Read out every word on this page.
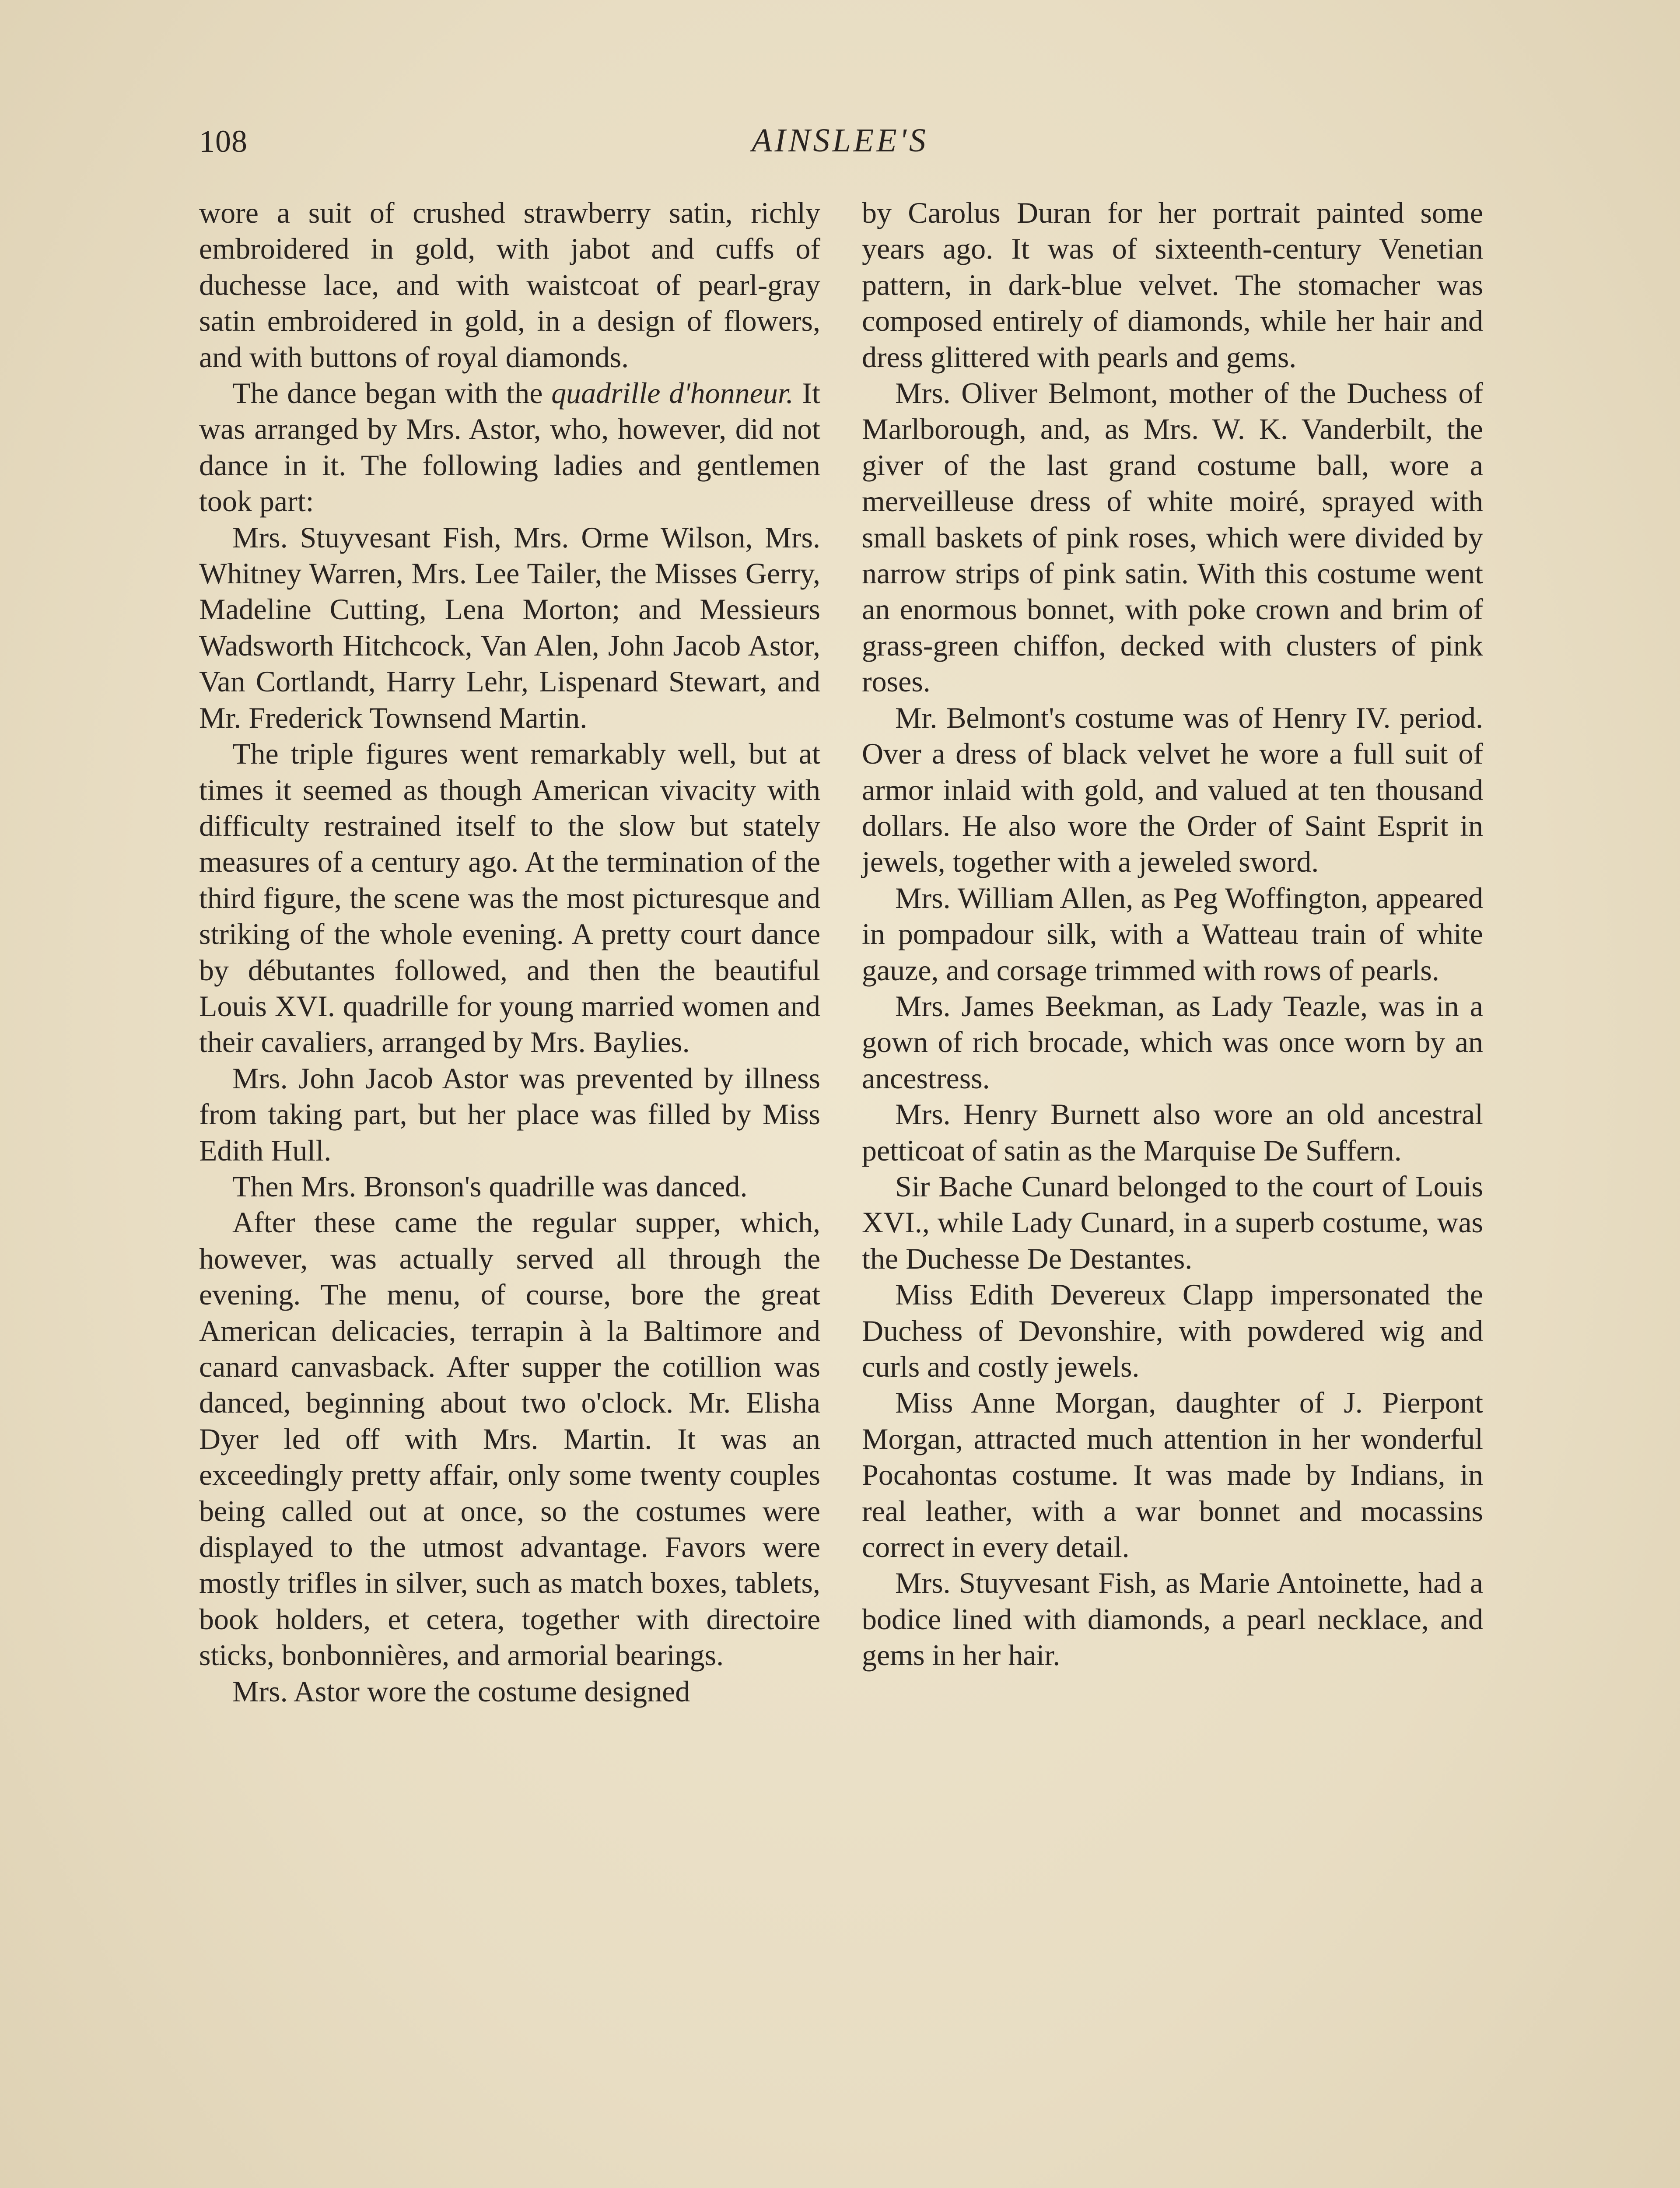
108	AINSLEE'S

wore a suit of crushed strawberry satin, richly embroidered in gold, with jabot and cuffs of duchesse lace, and with waistcoat of pearl-gray satin embroidered in gold, in a design of flowers, and with buttons of royal diamonds.

The dance began with the quadrille d'honneur. It was arranged by Mrs. Astor, who, however, did not dance in it. The following ladies and gentlemen took part:

Mrs. Stuyvesant Fish, Mrs. Orme Wilson, Mrs. Whitney Warren, Mrs. Lee Tailer, the Misses Gerry, Madeline Cutting, Lena Morton; and Messieurs Wadsworth Hitchcock, Van Alen, John Jacob Astor, Van Cortlandt, Harry Lehr, Lispenard Stewart, and Mr. Frederick Townsend Martin.

The triple figures went remarkably well, but at times it seemed as though American vivacity with difficulty restrained itself to the slow but stately measures of a century ago. At the termination of the third figure, the scene was the most picturesque and striking of the whole evening. A pretty court dance by débutantes followed, and then the beautiful Louis XVI. quadrille for young married women and their cavaliers, arranged by Mrs. Baylies.

Mrs. John Jacob Astor was prevented by illness from taking part, but her place was filled by Miss Edith Hull.

Then Mrs. Bronson's quadrille was danced.

After these came the regular supper, which, however, was actually served all through the evening. The menu, of course, bore the great American delicacies, terrapin à la Baltimore and canard canvasback. After supper the cotillion was danced, beginning about two o'clock. Mr. Elisha Dyer led off with Mrs. Martin. It was an exceedingly pretty affair, only some twenty couples being called out at once, so the costumes were displayed to the utmost advantage. Favors were mostly trifles in silver, such as match boxes, tablets, book holders, et cetera, together with directoire sticks, bonbonnières, and armorial bearings.

Mrs. Astor wore the costume designed

by Carolus Duran for her portrait painted some years ago. It was of sixteenth-century Venetian pattern, in dark-blue velvet. The stomacher was composed entirely of diamonds, while her hair and dress glittered with pearls and gems.

Mrs. Oliver Belmont, mother of the Duchess of Marlborough, and, as Mrs. W. K. Vanderbilt, the giver of the last grand costume ball, wore a merveilleuse dress of white moiré, sprayed with small baskets of pink roses, which were divided by narrow strips of pink satin. With this costume went an enormous bonnet, with poke crown and brim of grass-green chiffon, decked with clusters of pink roses.

Mr. Belmont's costume was of Henry IV. period. Over a dress of black velvet he wore a full suit of armor inlaid with gold, and valued at ten thousand dollars. He also wore the Order of Saint Esprit in jewels, together with a jeweled sword.

Mrs. William Allen, as Peg Woffington, appeared in pompadour silk, with a Watteau train of white gauze, and corsage trimmed with rows of pearls.

Mrs. James Beekman, as Lady Teazle, was in a gown of rich brocade, which was once worn by an ancestress.

Mrs. Henry Burnett also wore an old ancestral petticoat of satin as the Marquise De Suffern.

Sir Bache Cunard belonged to the court of Louis XVI., while Lady Cunard, in a superb costume, was the Duchesse De Destantes.

Miss Edith Devereux Clapp impersonated the Duchess of Devonshire, with powdered wig and curls and costly jewels.

Miss Anne Morgan, daughter of J. Pierpont Morgan, attracted much attention in her wonderful Pocahontas costume. It was made by Indians, in real leather, with a war bonnet and mocassins correct in every detail.

Mrs. Stuyvesant Fish, as Marie Antoinette, had a bodice lined with diamonds, a pearl necklace, and gems in her hair.
